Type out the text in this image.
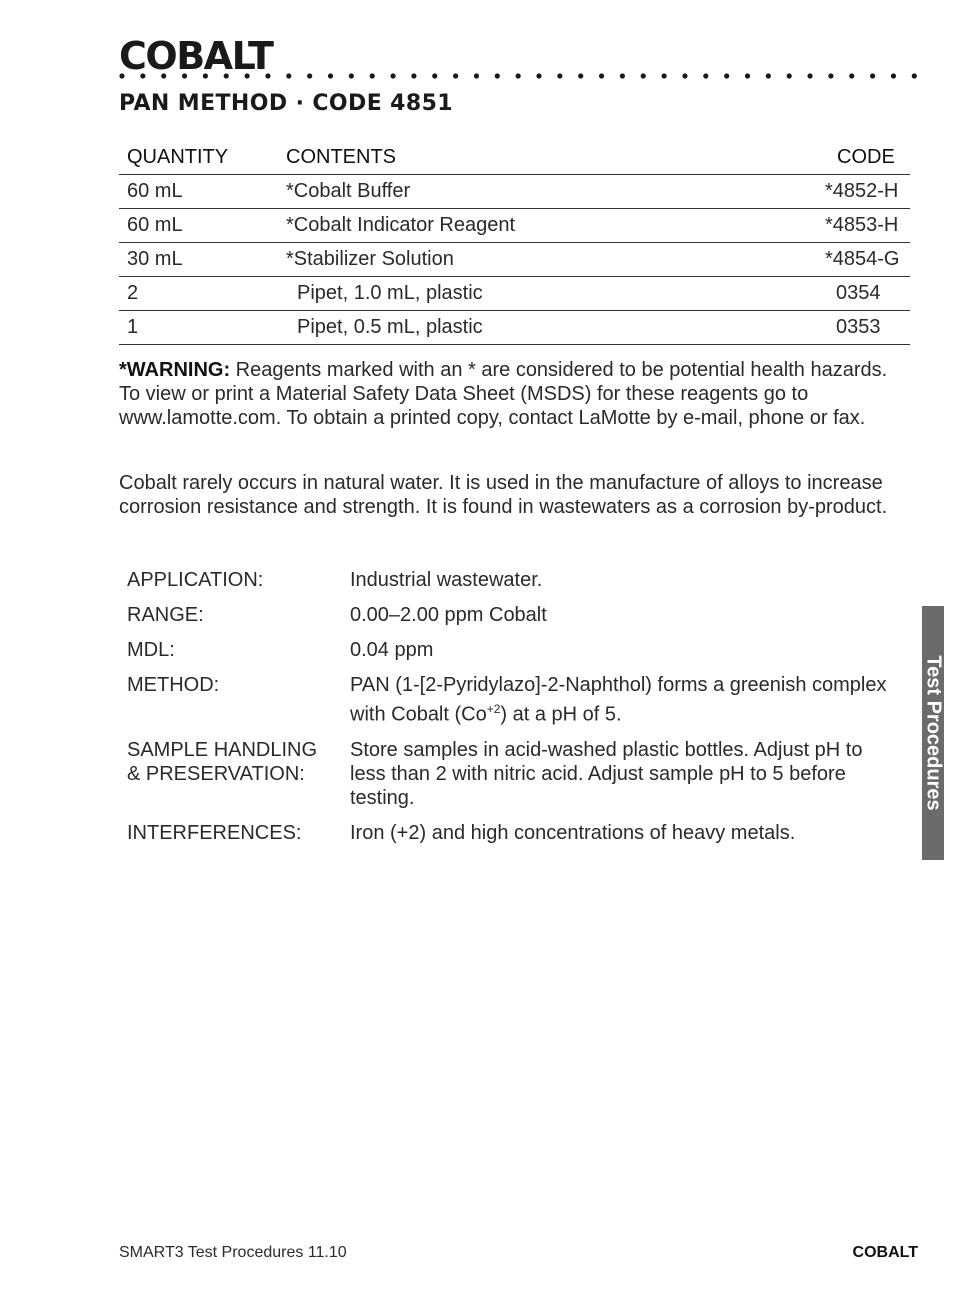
COBALT
PAN METHOD · CODE 4851
QUANTITY	CONTENTS	CODE
60 mL	*Cobalt Buffer	*4852-H
60 mL	*Cobalt Indicator Reagent	*4853-H
30 mL	*Stabilizer Solution	*4854-G
2	Pipet, 1.0 mL, plastic	0354
1	Pipet, 0.5 mL, plastic	0353

*WARNING: Reagents marked with an * are considered to be potential health hazards. To view or print a Material Safety Data Sheet (MSDS) for these reagents go to www.lamotte.com. To obtain a printed copy, contact LaMotte by e-mail, phone or fax.

Cobalt rarely occurs in natural water. It is used in the manufacture of alloys to increase corrosion resistance and strength. It is found in wastewaters as a corrosion by-product.

APPLICATION:	Industrial wastewater.
RANGE:	0.00–2.00 ppm Cobalt
MDL:	0.04 ppm
METHOD:	PAN (1-[2-Pyridylazo]-2-Naphthol) forms a greenish complex with Cobalt $(Co^{+2})$ at a pH of 5.
SAMPLE HANDLING
& PRESERVATION:	Store samples in acid-washed plastic bottles. Adjust pH to less than 2 with nitric acid. Adjust sample pH to 5 before testing.
INTERFERENCES:	Iron (+2) and high concentrations of heavy metals.
Test Procedures
SMART3 Test Procedures 11.10	COBALT
